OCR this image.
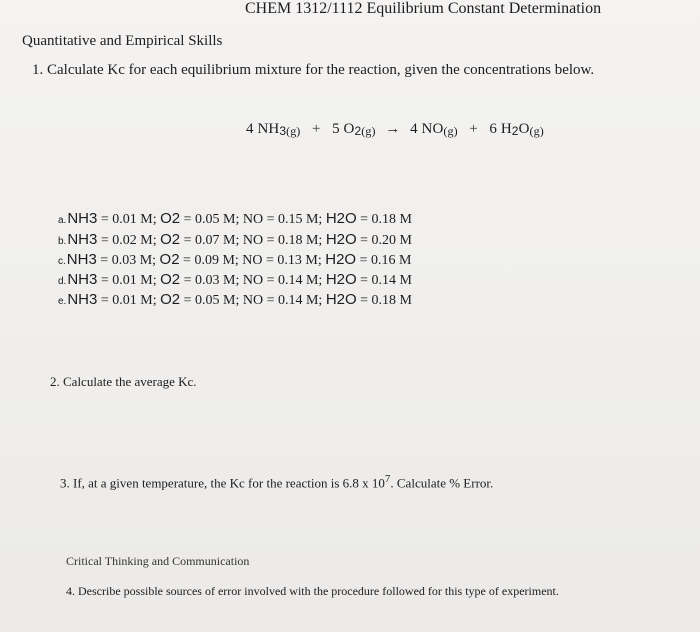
CHEM 1312/1112 Equilibrium Constant Determination
Quantitative and Empirical Skills
1. Calculate Kc for each equilibrium mixture for the reaction, given the concentrations below.
4 $NH_3(g) + 5$ $O_2(g) \to 4$ NO(g) + 6 $H_2O(g)$
a.NH3 = 0.01 M; O2 = 0.05 M; NO = 0.15 M; H2O = 0.18 M
b.NH3 = 0.02 M; O2 = 0.07 M; NO = 0.18 M; H2O = 0.20 M
c.NH3 = 0.03 M; O2 = 0.09 M; NO = 0.13 M; H2O = 0.16 M
d.NH3 = 0.01 M; O2 = 0.03 M; NO = 0.14 M; H2O = 0.14 M
e.NH3 = 0.01 M; O2 = 0.05 M; NO = 0.14 M; H2O = 0.18 M
2. Calculate the average Kc.
3. If, at a given temperature, the Kc for the reaction is 6.8 x $10^7$. Calculate % Error.
Critical Thinking and Communication
4. Describe possible sources of error involved with the procedure followed for this type of experiment.
